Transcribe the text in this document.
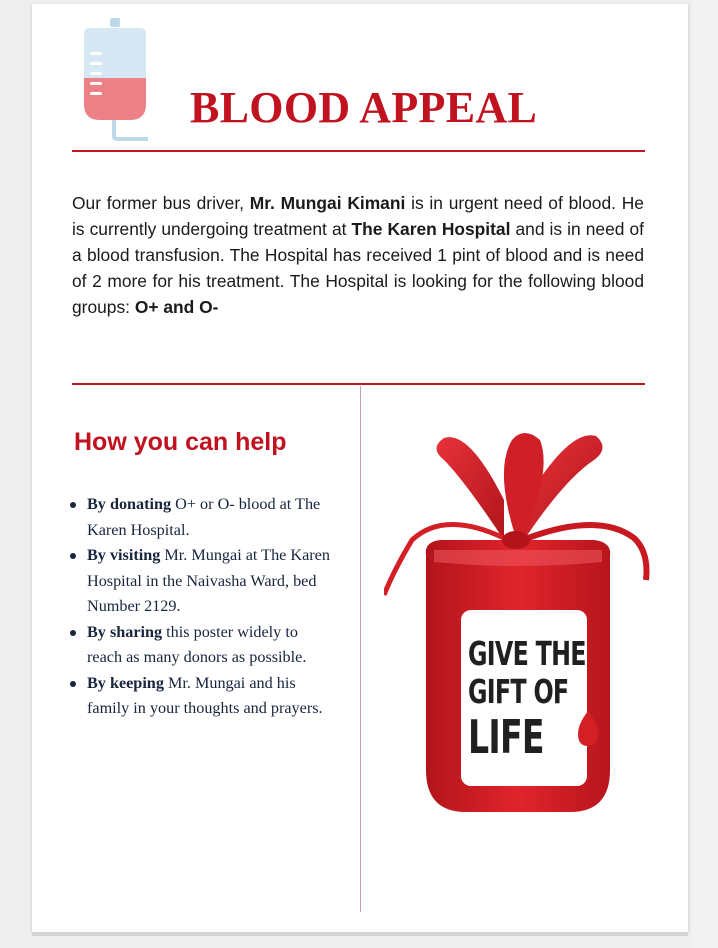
BLOOD APPEAL

Our former bus driver, Mr. Mungai Kimani is in urgent need of blood. He is currently undergoing treatment at The Karen Hospital and is in need of a blood transfusion. The Hospital has received 1 pint of blood and is need of 2 more for his treatment. The Hospital is looking for the following blood groups: O+ and O-

How you can help
By donating O+ or O- blood at The Karen Hospital.
By visiting Mr. Mungai at The Karen Hospital in the Naivasha Ward, bed Number 2129.
By sharing this poster widely to reach as many donors as possible.
By keeping Mr. Mungai and his family in your thoughts and prayers.
GIVE THE
GIFT OF
LIFE
